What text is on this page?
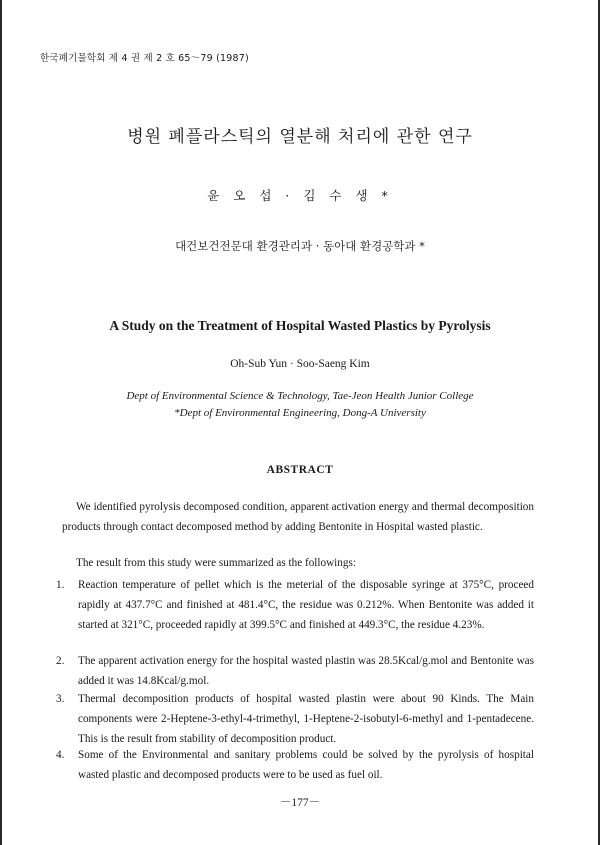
한국폐기물학회 제 4 권 제 2 호 65～79 (1987)
병원 폐플라스틱의 열분해 처리에 관한 연구
윤 오 섭 · 김 수 생 *
대건보건전문대 환경관리과 · 동아대 환경공학과 *
A Study on the Treatment of Hospital Wasted Plastics by Pyrolysis
Oh-Sub Yun · Soo-Saeng Kim
Dept of Environmental Science & Technology, Tae-Jeon Health Junior College
*Dept of Environmental Engineering, Dong-A University
ABSTRACT
We identified pyrolysis decomposed condition, apparent activation energy and thermal decomposition products through contact decomposed method by adding Bentonite in Hospital wasted plastic.
The result from this study were summarized as the followings:
1.	Reaction temperature of pellet which is the meterial of the disposable syringe at 375°C, proceed rapidly at 437.7°C and finished at 481.4°C, the residue was 0.212%. When Bentonite was added it started at 321°C, proceeded rapidly at 399.5°C and finished at 449.3°C, the residue 4.23%.
2.	The apparent activation energy for the hospital wasted plastin was 28.5Kcal/g.mol and Bentonite was added it was 14.8Kcal/g.mol.
3.	Thermal decomposition products of hospital wasted plastin were about 90 Kinds. The Main components were 2-Heptene-3-ethyl-4-trimethyl, 1-Heptene-2-isobutyl-6-methyl and 1-pentadecene. This is the result from stability of decomposition product.
4.	Some of the Environmental and sanitary problems could be solved by the pyrolysis of hospital wasted plastic and decomposed products were to be used as fuel oil.
－177－
